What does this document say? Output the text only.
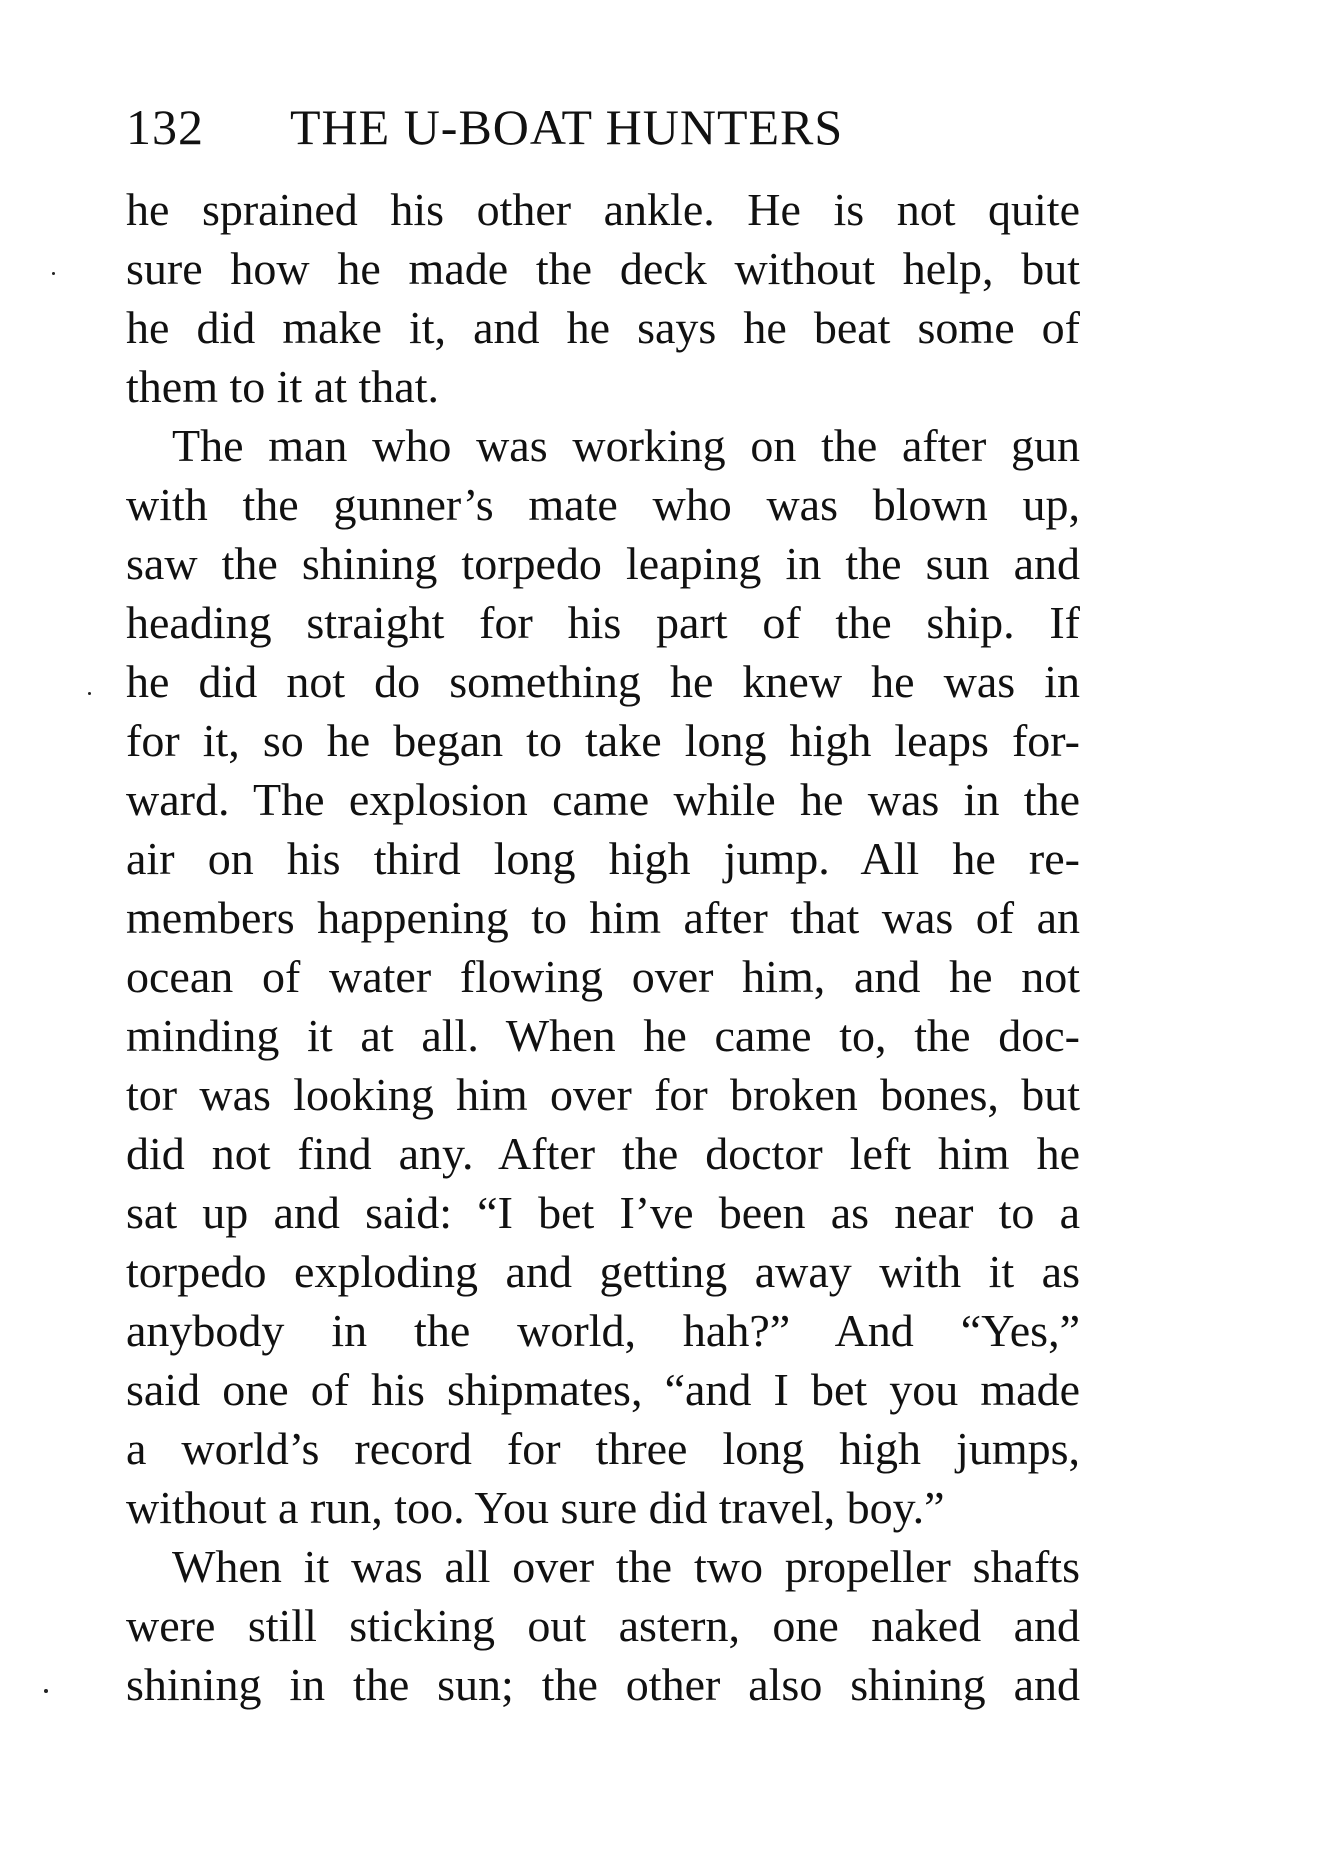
132 THE U-BOAT HUNTERS
he sprained his other ankle. He is not quite
sure how he made the deck without help, but
he did make it, and he says he beat some of
them to it at that.
The man who was working on the after gun
with the gunner’s mate who was blown up,
saw the shining torpedo leaping in the sun and
heading straight for his part of the ship. If
he did not do something he knew he was in
for it, so he began to take long high leaps for-
ward. The explosion came while he was in the
air on his third long high jump. All he re-
members happening to him after that was of an
ocean of water flowing over him, and he not
minding it at all. When he came to, the doc-
tor was looking him over for broken bones, but
did not find any. After the doctor left him he
sat up and said: “I bet I’ve been as near to a
torpedo exploding and getting away with it as
anybody in the world, hah?” And “Yes,”
said one of his shipmates, “and I bet you made
a world’s record for three long high jumps,
without a run, too. You sure did travel, boy.”
When it was all over the two propeller shafts
were still sticking out astern, one naked and
shining in the sun; the other also shining and
